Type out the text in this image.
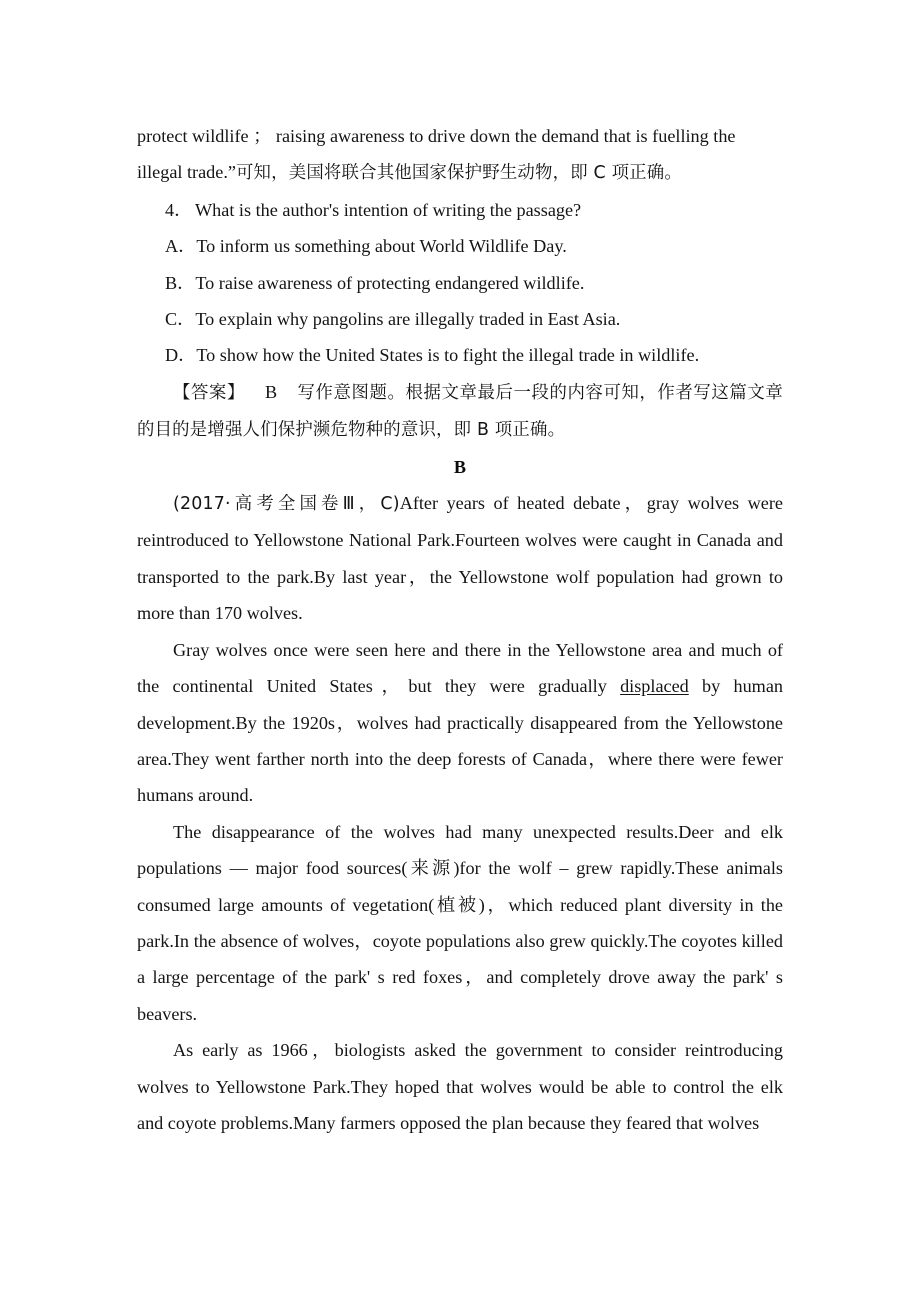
protect wildlife ； raising awareness to drive down the demand that is fuelling the
illegal trade.”可知，美国将联合其他国家保护野生动物，即 C 项正确。
4． What is the author's intention of writing the passage?
A．To inform us something about World Wildlife Day.
B．To raise awareness of protecting endangered wildlife.
C．To explain why pangolins are illegally traded in East Asia.
D．To show how the United States is to fight the illegal trade in wildlife.
【答案】 B 写作意图题。根据文章最后一段的内容可知，作者写这篇文章的目的是增强人们保护濒危物种的意识，即 B 项正确。
B
(2017·高考全国卷Ⅲ，C)After years of heated debate，gray wolves were reintroduced to Yellowstone National Park.Fourteen wolves were caught in Canada and transported to the park.By last year，the Yellowstone wolf population had grown to more than 170 wolves.
Gray wolves once were seen here and there in the Yellowstone area and much of the continental United States，but they were gradually displaced by human development.By the 1920s，wolves had practically disappeared from the Yellowstone area.They went farther north into the deep forests of Canada，where there were fewer humans around.
The disappearance of the wolves had many unexpected results.Deer and elk populations — major food sources(来源)for the wolf – grew rapidly.These animals consumed large amounts of vegetation(植被)，which reduced plant diversity in the park.In the absence of wolves，coyote populations also grew quickly.The coyotes killed a large percentage of the park' s red foxes，and completely drove away the park' s beavers.
As early as 1966，biologists asked the government to consider reintroducing wolves to Yellowstone Park.They hoped that wolves would be able to control the elk and coyote problems.Many farmers opposed the plan because they feared that wolves
